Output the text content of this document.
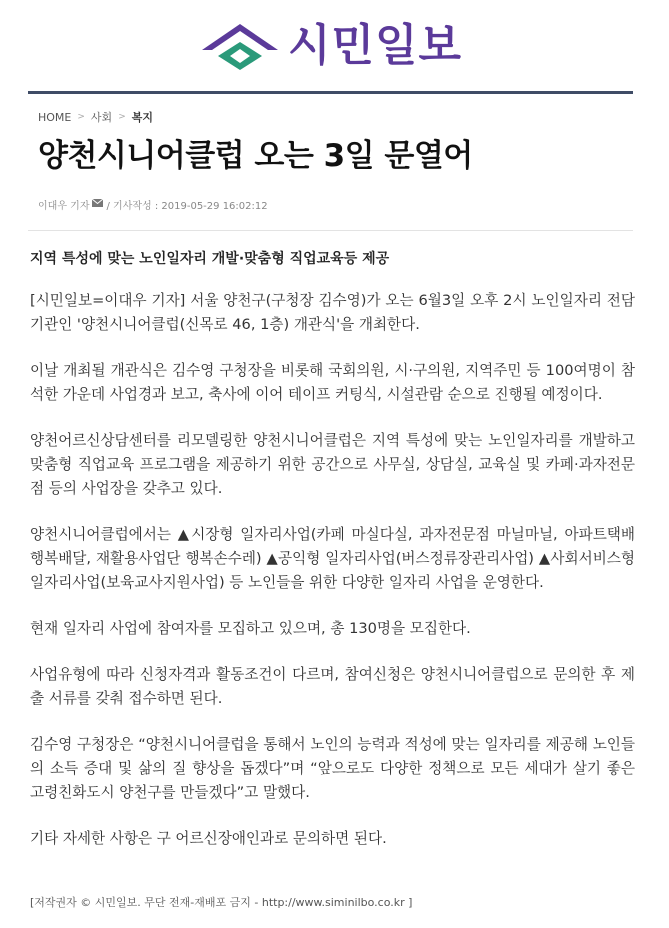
시민일보
HOME > 사회 > 복지
양천시니어클럽 오는 3일 문열어
이대우 기자 / 기사작성 : 2019-05-29 16:02:12
지역 특성에 맞는 노인일자리 개발·맞춤형 직업교육등 제공

[시민일보=이대우 기자] 서울 양천구(구청장 김수영)가 오는 6월3일 오후 2시 노인일자리 전담기관인 '양천시니어클럽(신목로 46, 1층) 개관식'을 개최한다.

이날 개최될 개관식은 김수영 구청장을 비롯해 국회의원, 시·구의원, 지역주민 등 100여명이 참석한 가운데 사업경과 보고, 축사에 이어 테이프 커팅식, 시설관람 순으로 진행될 예정이다.

양천어르신상담센터를 리모델링한 양천시니어클럽은 지역 특성에 맞는 노인일자리를 개발하고 맞춤형 직업교육 프로그램을 제공하기 위한 공간으로 사무실, 상담실, 교육실 및 카페·과자전문점 등의 사업장을 갖추고 있다.

양천시니어클럽에서는 ▲시장형 일자리사업(카페 마실다실, 과자전문점 마닐마닐, 아파트택배 행복배달, 재활용사업단 행복손수레) ▲공익형 일자리사업(버스정류장관리사업) ▲사회서비스형 일자리사업(보육교사지원사업) 등 노인들을 위한 다양한 일자리 사업을 운영한다.

현재 일자리 사업에 참여자를 모집하고 있으며, 총 130명을 모집한다.

사업유형에 따라 신청자격과 활동조건이 다르며, 참여신청은 양천시니어클럽으로 문의한 후 제출 서류를 갖춰 접수하면 된다.

김수영 구청장은 “양천시니어클럽을 통해서 노인의 능력과 적성에 맞는 일자리를 제공해 노인들의 소득 증대 및 삶의 질 향상을 돕겠다”며 “앞으로도 다양한 정책으로 모든 세대가 살기 좋은 고령친화도시 양천구를 만들겠다”고 말했다.

기타 자세한 사항은 구 어르신장애인과로 문의하면 된다.

[저작권자 © 시민일보. 무단 전재-재배포 금지 - http://www.siminilbo.co.kr ]
